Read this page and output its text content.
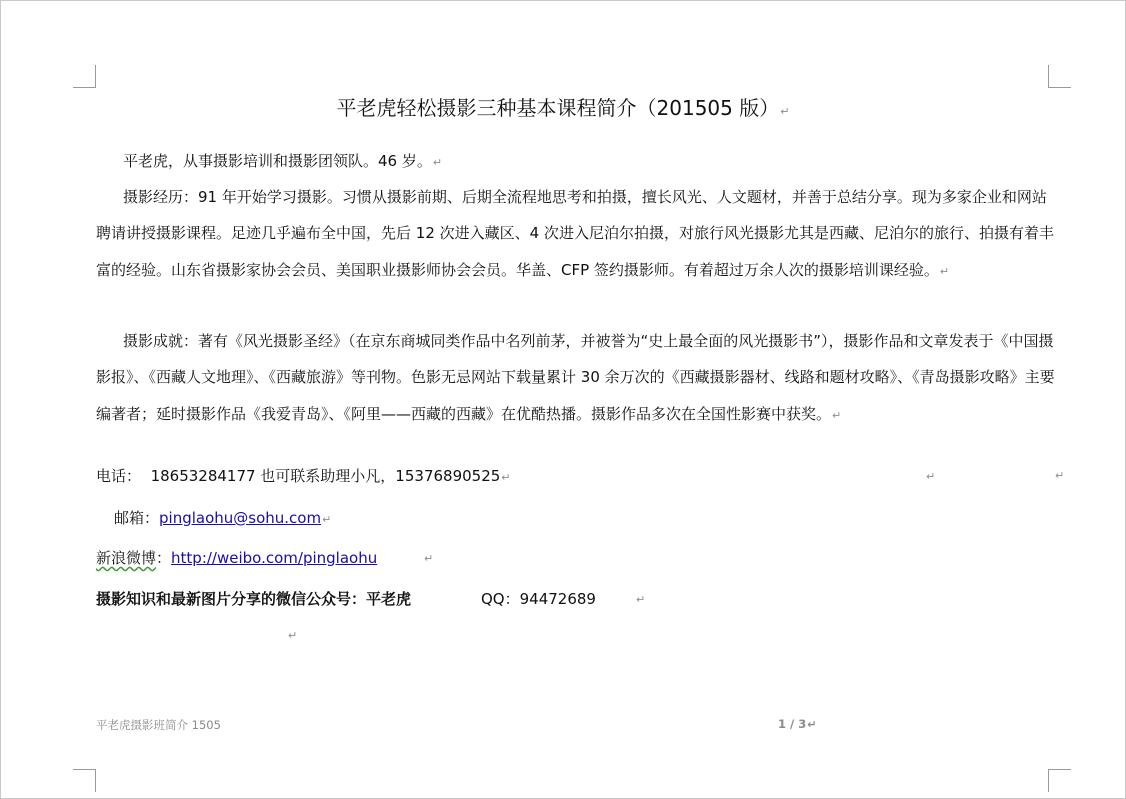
平老虎轻松摄影三种基本课程简介（201505 版）↵

平老虎，从事摄影培训和摄影团领队。46 岁。↵

摄影经历：91 年开始学习摄影。习惯从摄影前期、后期全流程地思考和拍摄，擅长风光、人文题材，并善于总结分享。现为多家企业和网站聘请讲授摄影课程。足迹几乎遍布全中国，先后 12 次进入藏区、4 次进入尼泊尔拍摄，对旅行风光摄影尤其是西藏、尼泊尔的旅行、拍摄有着丰富的经验。山东省摄影家协会会员、美国职业摄影师协会会员。华盖、CFP 签约摄影师。有着超过万余人次的摄影培训课经验。↵

摄影成就：著有《风光摄影圣经》（在京东商城同类作品中名列前茅，并被誉为“史上最全面的风光摄影书”），摄影作品和文章发表于《中国摄影报》、《西藏人文地理》、《西藏旅游》等刊物。色影无忌网站下载量累计 30 余万次的《西藏摄影器材、线路和题材攻略》、《青岛摄影攻略》主要编著者；延时摄影作品《我爱青岛》、《阿里——西藏的西藏》在优酷热播。摄影作品多次在全国性影赛中获奖。↵

电话： 18653284177 也可联系助理小凡，15376890525↵	↵	↵
邮箱：pinglaohu@sohu.com↵
新浪微博：http://weibo.com/pinglaohu	↵
摄影知识和最新图片分享的微信公众号：平老虎	QQ：94472689	↵
↵
平老虎摄影班简介 1505	1 / 3↵
